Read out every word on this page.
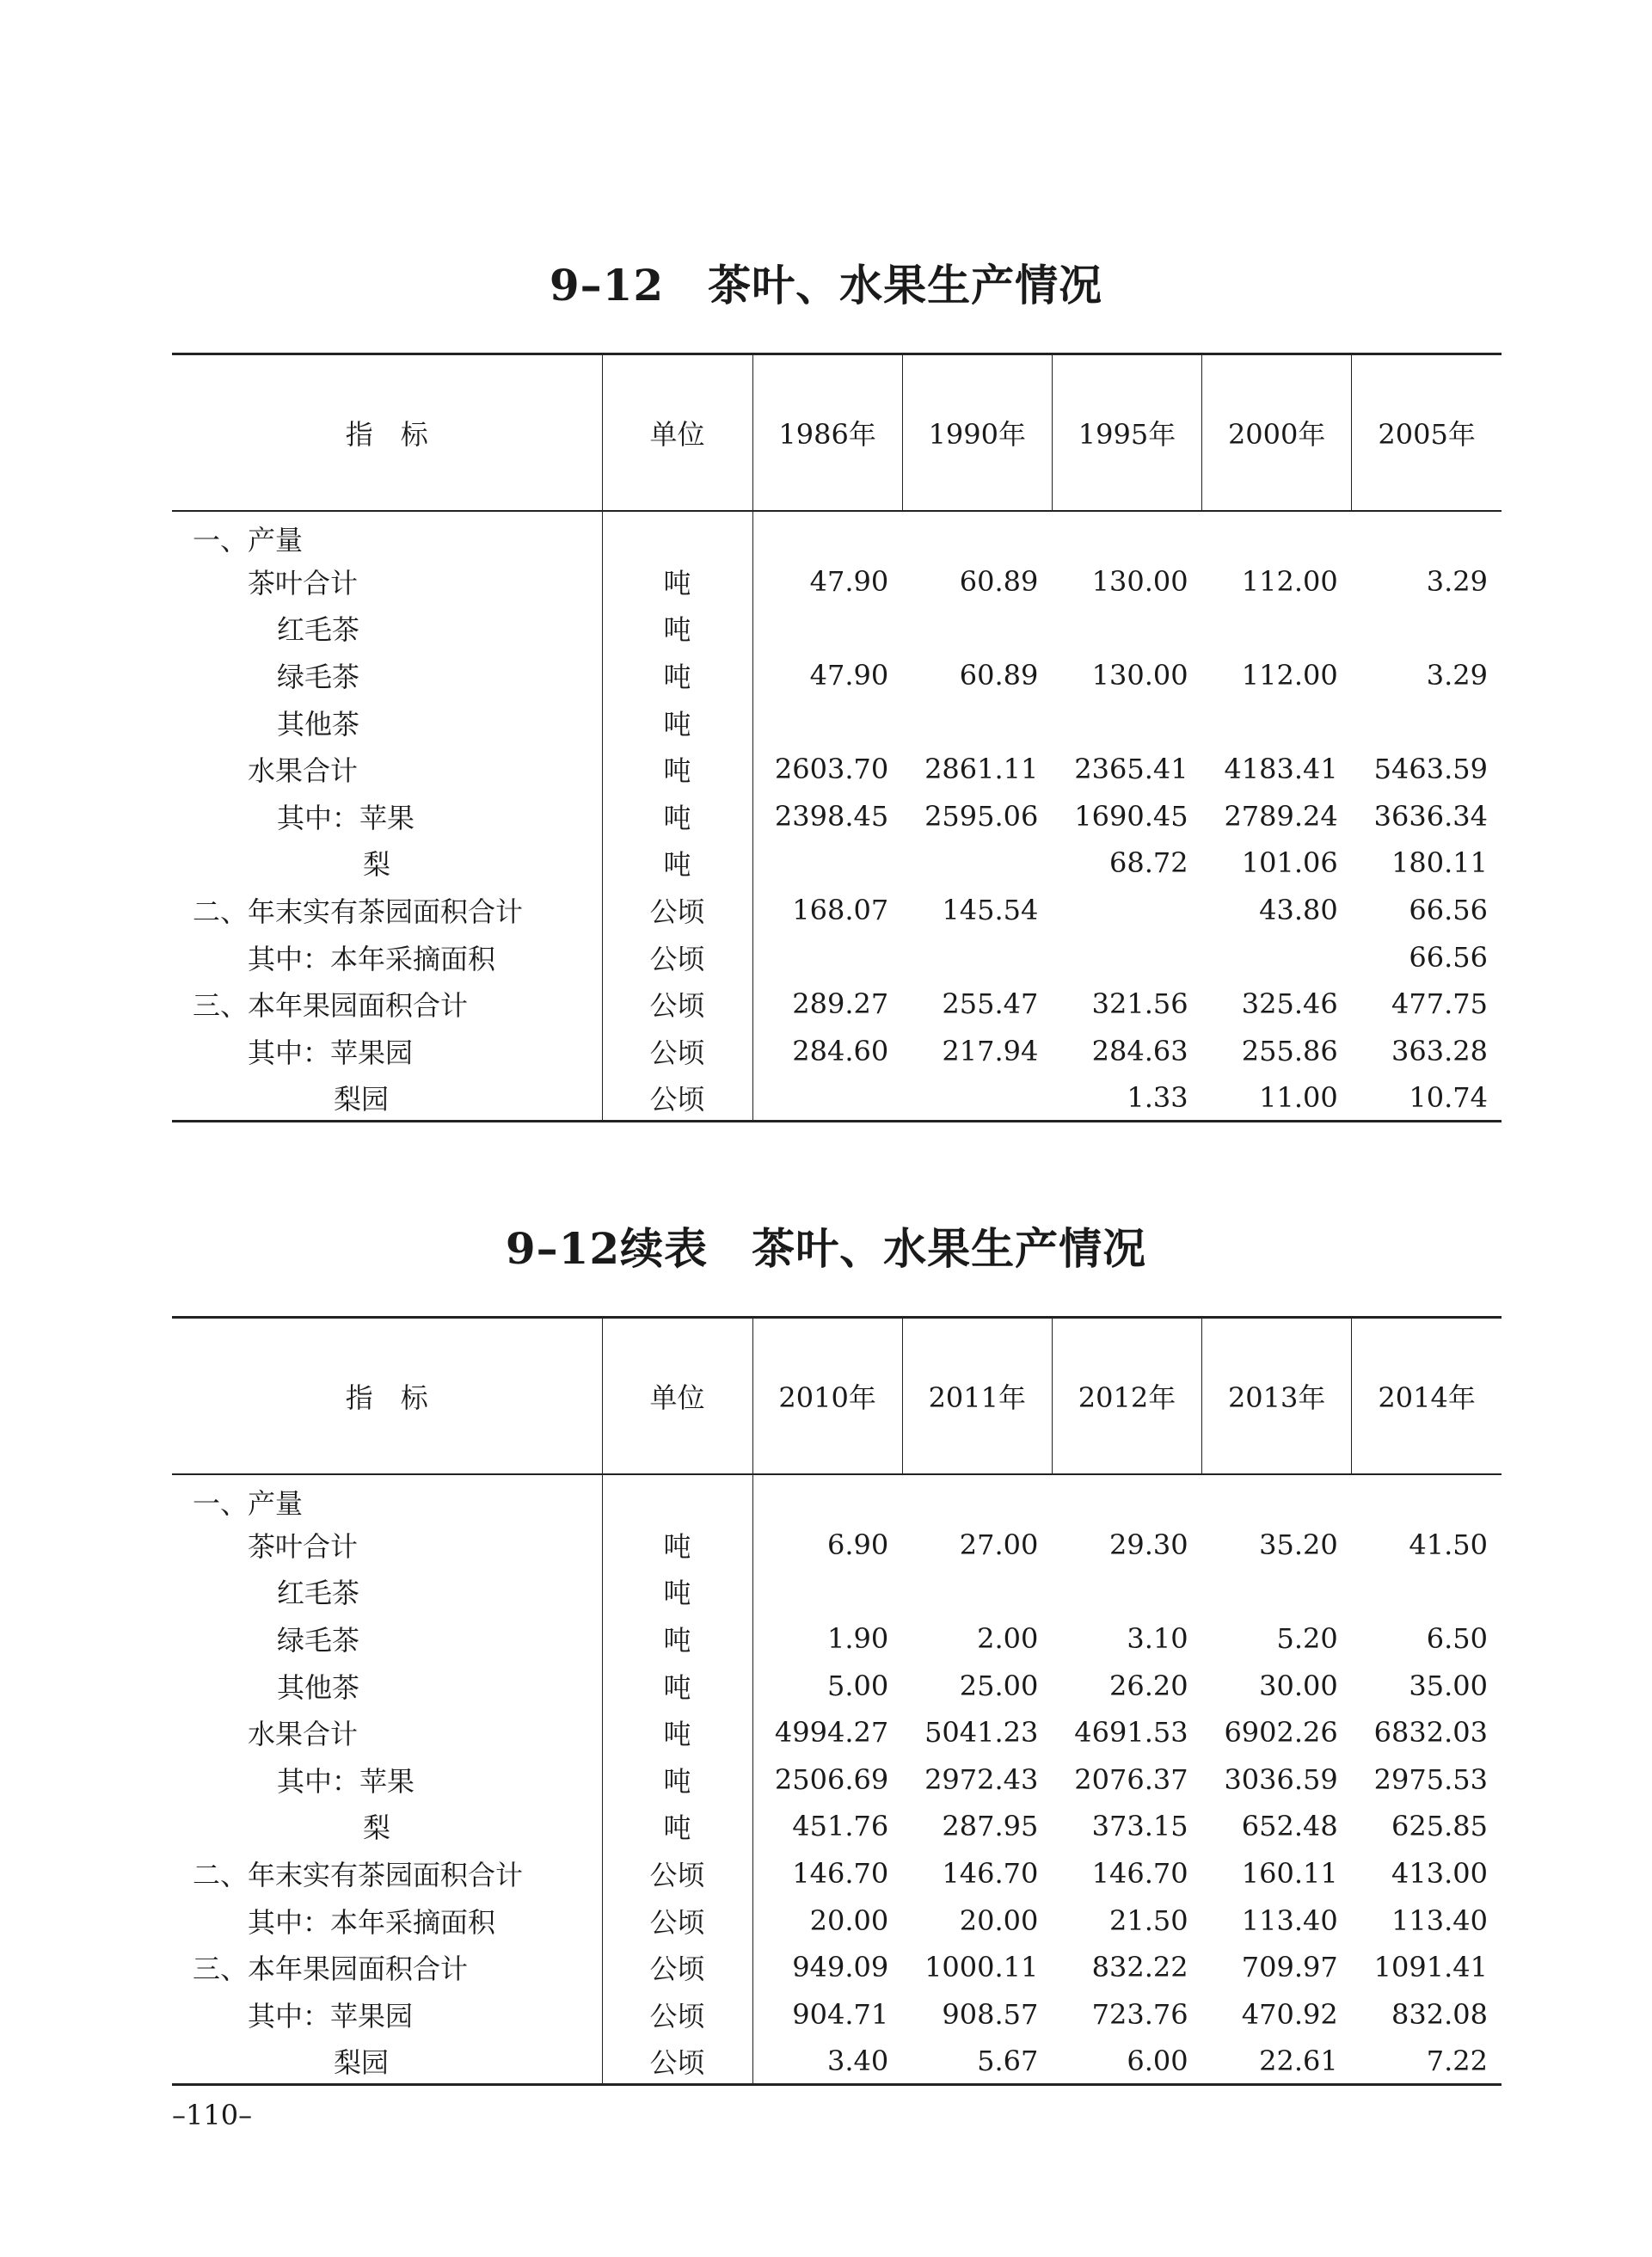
9–12　茶叶、水果生产情况
指　标	单位	1986年	1990年	1995年	2000年	2005年
一、产量						
茶叶合计	吨	47.90	60.89	130.00	112.00	3.29
红毛茶	吨					
绿毛茶	吨	47.90	60.89	130.00	112.00	3.29
其他茶	吨					
水果合计	吨	2603.70	2861.11	2365.41	4183.41	5463.59
其中：苹果	吨	2398.45	2595.06	1690.45	2789.24	3636.34
梨	吨			68.72	101.06	180.11
二、年末实有茶园面积合计	公顷	168.07	145.54		43.80	66.56
其中：本年采摘面积	公顷					66.56
三、本年果园面积合计	公顷	289.27	255.47	321.56	325.46	477.75
其中：苹果园	公顷	284.60	217.94	284.63	255.86	363.28
梨园	公顷			1.33	11.00	10.74
9–12续表　茶叶、水果生产情况
指　标	单位	2010年	2011年	2012年	2013年	2014年
一、产量						
茶叶合计	吨	6.90	27.00	29.30	35.20	41.50
红毛茶	吨					
绿毛茶	吨	1.90	2.00	3.10	5.20	6.50
其他茶	吨	5.00	25.00	26.20	30.00	35.00
水果合计	吨	4994.27	5041.23	4691.53	6902.26	6832.03
其中：苹果	吨	2506.69	2972.43	2076.37	3036.59	2975.53
梨	吨	451.76	287.95	373.15	652.48	625.85
二、年末实有茶园面积合计	公顷	146.70	146.70	146.70	160.11	413.00
其中：本年采摘面积	公顷	20.00	20.00	21.50	113.40	113.40
三、本年果园面积合计	公顷	949.09	1000.11	832.22	709.97	1091.41
其中：苹果园	公顷	904.71	908.57	723.76	470.92	832.08
梨园	公顷	3.40	5.67	6.00	22.61	7.22
–110–
